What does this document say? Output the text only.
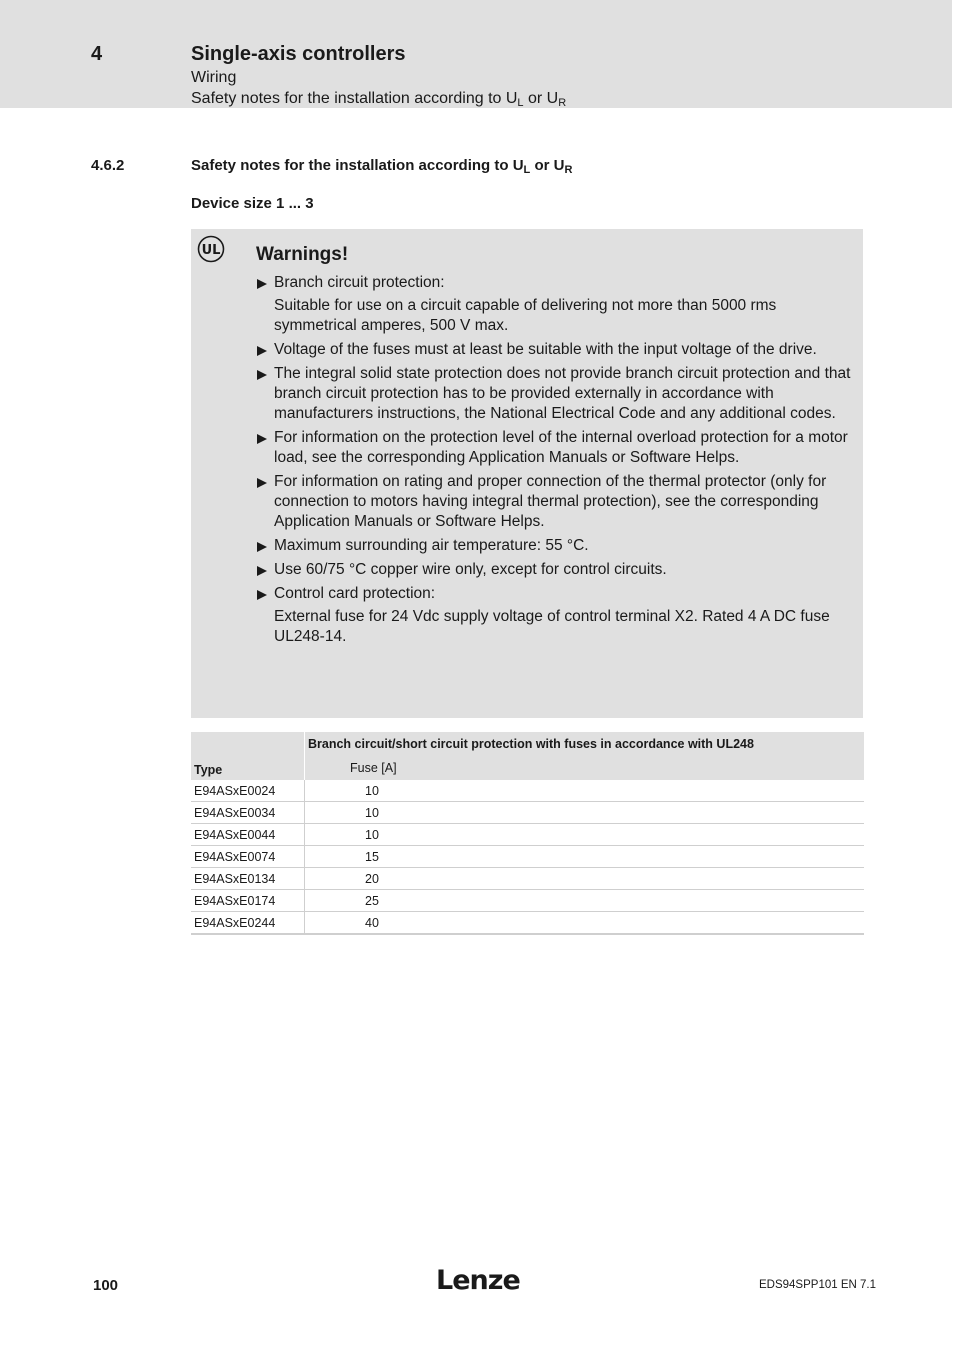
4	Single-axis controllers
Wiring
Safety notes for the installation according to $U_L$ or $U_R$
4.6.2	Safety notes for the installation according to $U_L$ or $U_R$
Device size 1 ... 3
UL Warnings!
Branch circuit protection:
Suitable for use on a circuit capable of delivering not more than 5000 rms symmetrical amperes, 500 V max.
Voltage of the fuses must at least be suitable with the input voltage of the drive.
The integral solid state protection does not provide branch circuit protection and that branch circuit protection has to be provided externally in accordance with manufacturers instructions, the National Electrical Code and any additional codes.
For information on the protection level of the internal overload protection for a motor load, see the corresponding Application Manuals or Software Helps.
For information on rating and proper connection of the thermal protector (only for connection to motors having integral thermal protection), see the corresponding Application Manuals or Software Helps.
Maximum surrounding air temperature: 55 °C.
Use 60/75 °C copper wire only, except for control circuits.
Control card protection:
External fuse for 24 Vdc supply voltage of control terminal X2. Rated 4 A DC fuse UL248-14.
Type	Branch circuit/short circuit protection with fuses in accordance with UL248
	Fuse [A]
E94ASxE0024	10
E94ASxE0034	10
E94ASxE0044	10
E94ASxE0074	15
E94ASxE0134	20
E94ASxE0174	25
E94ASxE0244	40
100	Lenze	EDS94SPP101 EN 7.1
